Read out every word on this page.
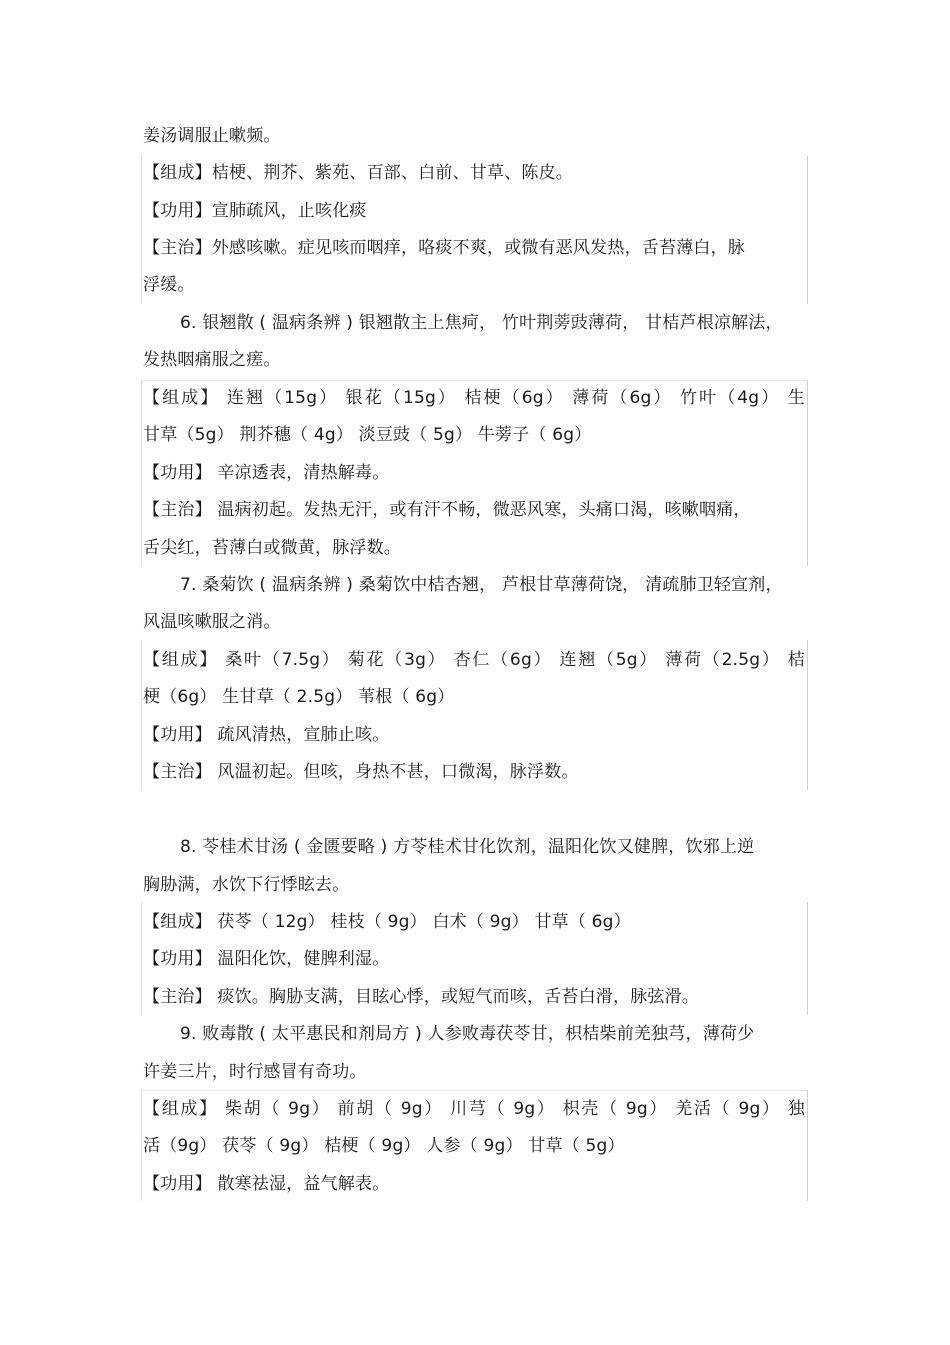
姜汤调服止嗽频。
【组成】桔梗、荆芥、紫苑、百部、白前、甘草、陈皮。
【功用】宣肺疏风，止咳化痰
【主治】外感咳嗽。症见咳而咽痒，咯痰不爽，或微有恶风发热，舌苔薄白，脉
浮缓。
6. 银翘散 ( 温病条辨 ) 银翘散主上焦疴， 竹叶荆蒡豉薄荷， 甘桔芦根凉解法，
发热咽痛服之瘥。
【组成】 连翘（15g） 银花（15g） 桔梗（6g） 薄荷（6g） 竹叶（4g） 生
甘草（5g） 荆芥穗（ 4g） 淡豆豉（ 5g） 牛蒡子（ 6g）
【功用】 辛凉透表，清热解毒。
【主治】 温病初起。发热无汗，或有汗不畅，微恶风寒，头痛口渴，咳嗽咽痛，
舌尖红，苔薄白或微黄，脉浮数。
7. 桑菊饮 ( 温病条辨 ) 桑菊饮中桔杏翘， 芦根甘草薄荷饶， 清疏肺卫轻宣剂，
风温咳嗽服之消。
【组成】 桑叶（7.5g） 菊花（3g） 杏仁（6g） 连翘（5g） 薄荷（2.5g） 桔
梗（6g） 生甘草（ 2.5g） 苇根（ 6g）
【功用】 疏风清热，宣肺止咳。
【主治】 风温初起。但咳，身热不甚，口微渴，脉浮数。
8. 苓桂术甘汤 ( 金匮要略 ) 方苓桂术甘化饮剂，温阳化饮又健脾，饮邪上逆
胸胁满，水饮下行悸眩去。
【组成】 茯苓（ 12g） 桂枝（ 9g） 白术（ 9g） 甘草（ 6g）
【功用】 温阳化饮，健脾利湿。
【主治】 痰饮。胸胁支满，目眩心悸，或短气而咳，舌苔白滑，脉弦滑。
9. 败毒散 ( 太平惠民和剂局方 ) 人参败毒茯苓甘，枳桔柴前羌独芎，薄荷少
许姜三片，时行感冒有奇功。
【组成】 柴胡（ 9g） 前胡（ 9g） 川芎（ 9g） 枳壳（ 9g） 羌活（ 9g） 独
活（9g） 茯苓（ 9g） 桔梗（ 9g） 人参（ 9g） 甘草（ 5g）
【功用】 散寒祛湿，益气解表。
